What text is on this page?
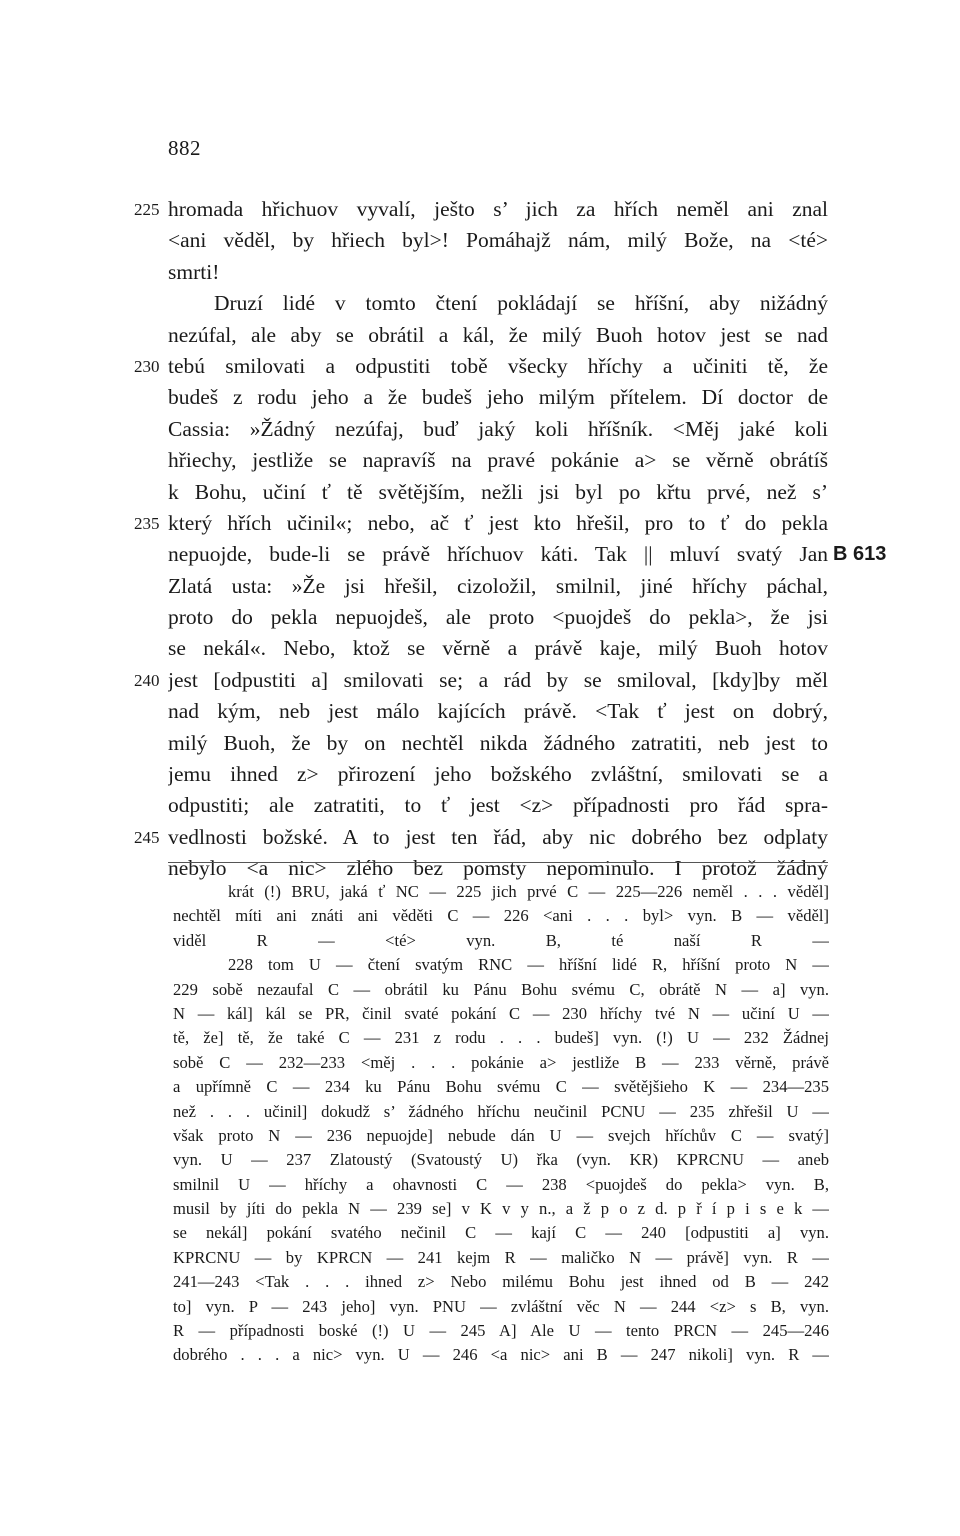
882
225 hromada hřichuov vyvalí, ješto s’ jich za hřích neměl ani znal
<ani věděl, by hřiech byl>! Pomáhajž nám, milý Bože, na <té>
smrti!
Druzí lidé v tomto čtení pokládají se hříšní, aby nižádný
nezúfal, ale aby se obrátil a kál, že milý Buoh hotov jest se nad
230 tebú smilovati a odpustiti tobě všecky hříchy a učiniti tě, že
budeš z rodu jeho a že budeš jeho milým přítelem. Dí doctor de
Cassia: »Žádný nezúfaj, buď jaký koli hříšník. <Měj jaké koli
hřiechy, jestliže se napravíš na pravé pokánie a> se věrně obrátíš
k Bohu, učiní ť tě světějším, nežli jsi byl po křtu prvé, než s’
235 který hřích učinil«; nebo, ač ť jest kto hřešil, pro to ť do pekla
nepuojde, bude-li se právě hříchuov káti. Tak || mluví svatý Jan B 613
Zlatá usta: »Že jsi hřešil, cizoložil, smilnil, jiné hříchy páchal,
proto do pekla nepuojdeš, ale proto <puojdeš do pekla>, že jsi
se nekál«. Nebo, ktož se věrně a právě kaje, milý Buoh hotov
240 jest [odpustiti a] smilovati se; a rád by se smiloval, [kdy]by měl
nad kým, neb jest málo kajících právě. <Tak ť jest on dobrý,
milý Buoh, že by on nechtěl nikda žádného zatratiti, neb jest to
jemu ihned z> přirození jeho božského zvláštní, smilovati se a
odpustiti; ale zatratiti, to ť jest <z> případnosti pro řád spra-
245 vedlnosti božské. A to jest ten řád, aby nic dobrého bez odplaty
nebylo <a nic> zlého bez pomsty nepominulo. I protož žádný
krát (!) BRU, jaká ť NC — 225 jich prvé C — 225—226 neměl . . . věděl]
nechtěl míti ani znáti ani věděti C — 226 <ani . . . byl> vyn. B — věděl]
viděl R — <té> vyn. B, té naší R —
228 tom U — čtení svatým RNC — hříšní lidé R, hříšní proto N —
229 sobě nezaufal C — obrátil ku Pánu Bohu svému C, obrátě N — a] vyn.
N — kál] kál se PR, činil svaté pokání C — 230 hříchy tvé N — učiní U —
tě, že] tě, že také C — 231 z rodu . . . budeš] vyn. (!) U — 232 Žádnej
sobě C — 232—233 <měj . . . pokánie a> jestliže B — 233 věrně, právě
a upřímně C — 234 ku Pánu Bohu svému C — světějšieho K — 234—235
než . . . učinil] dokudž s’ žádného hříchu neučinil PCNU — 235 zhřešil U —
však proto N — 236 nepuojde] nebude dán U — svejch hříchův C — svatý]
vyn. U — 237 Zlatoustý (Svatoustý U) řka (vyn. KR) KPRCNU — aneb
smilnil U — hříchy a ohavnosti C — 238 <puojdeš do pekla> vyn. B,
musil by jíti do pekla N — 239 se] v K v y n., a ž p o z d. p ř í p i s e k —
se nekál] pokání svatého nečinil C — kají C — 240 [odpustiti a] vyn.
KPRCNU — by KPRCN — 241 kejm R — maličko N — právě] vyn. R —
241—243 <Tak . . . ihned z> Nebo milému Bohu jest ihned od B — 242
to] vyn. P — 243 jeho] vyn. PNU — zvláštní věc N — 244 <z> s B, vyn.
R — případnosti boské (!) U — 245 A] Ale U — tento PRCN — 245—246
dobrého . . . a nic> vyn. U — 246 <a nic> ani B — 247 nikoli] vyn. R —
